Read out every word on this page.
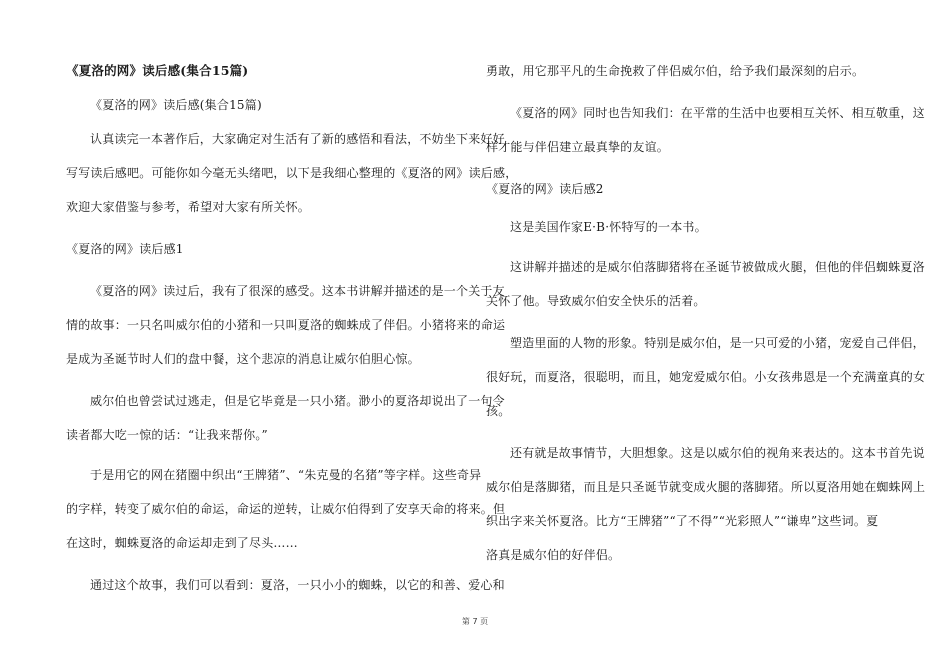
《夏洛的网》读后感(集合15篇)
《夏洛的网》读后感(集合15篇)
认真读完一本著作后，大家确定对生活有了新的感悟和看法，不妨坐下来好好
写写读后感吧。可能你如今毫无头绪吧，以下是我细心整理的《夏洛的网》读后感，
欢迎大家借鉴与参考，希望对大家有所关怀。
《夏洛的网》读后感1
《夏洛的网》读过后，我有了很深的感受。这本书讲解并描述的是一个关于友
情的故事：一只名叫威尔伯的小猪和一只叫夏洛的蜘蛛成了伴侣。小猪将来的命运
是成为圣诞节时人们的盘中餐，这个悲凉的消息让威尔伯胆心惊。
威尔伯也曾尝试过逃走，但是它毕竟是一只小猪。渺小的夏洛却说出了一句令
读者都大吃一惊的话：“让我来帮你。”
于是用它的网在猪圈中织出“王牌猪”、“朱克曼的名猪”等字样。这些奇异
的字样，转变了威尔伯的命运，命运的逆转，让威尔伯得到了安享天命的将来。但
在这时，蜘蛛夏洛的命运却走到了尽头……
通过这个故事，我们可以看到：夏洛，一只小小的蜘蛛，以它的和善、爱心和
勇敢，用它那平凡的生命挽救了伴侣威尔伯，给予我们最深刻的启示。
《夏洛的网》同时也告知我们：在平常的生活中也要相互关怀、相互敬重，这
样才能与伴侣建立最真挚的友谊。
《夏洛的网》读后感2
这是美国作家E·B·怀特写的一本书。
这讲解并描述的是威尔伯落脚猪将在圣诞节被做成火腿，但他的伴侣蜘蛛夏洛
关怀了他。导致威尔伯安全快乐的活着。
塑造里面的人物的形象。特别是威尔伯，是一只可爱的小猪，宠爱自己伴侣，
很好玩，而夏洛，很聪明，而且，她宠爱威尔伯。小女孩弗恩是一个充满童真的女
孩。
还有就是故事情节，大胆想象。这是以威尔伯的视角来表达的。这本书首先说
威尔伯是落脚猪，而且是只圣诞节就变成火腿的落脚猪。所以夏洛用她在蜘蛛网上
织出字来关怀夏洛。比方“王牌猪”“了不得”“光彩照人”“谦卑”这些词。夏
洛真是威尔伯的好伴侣。
第 7 页
